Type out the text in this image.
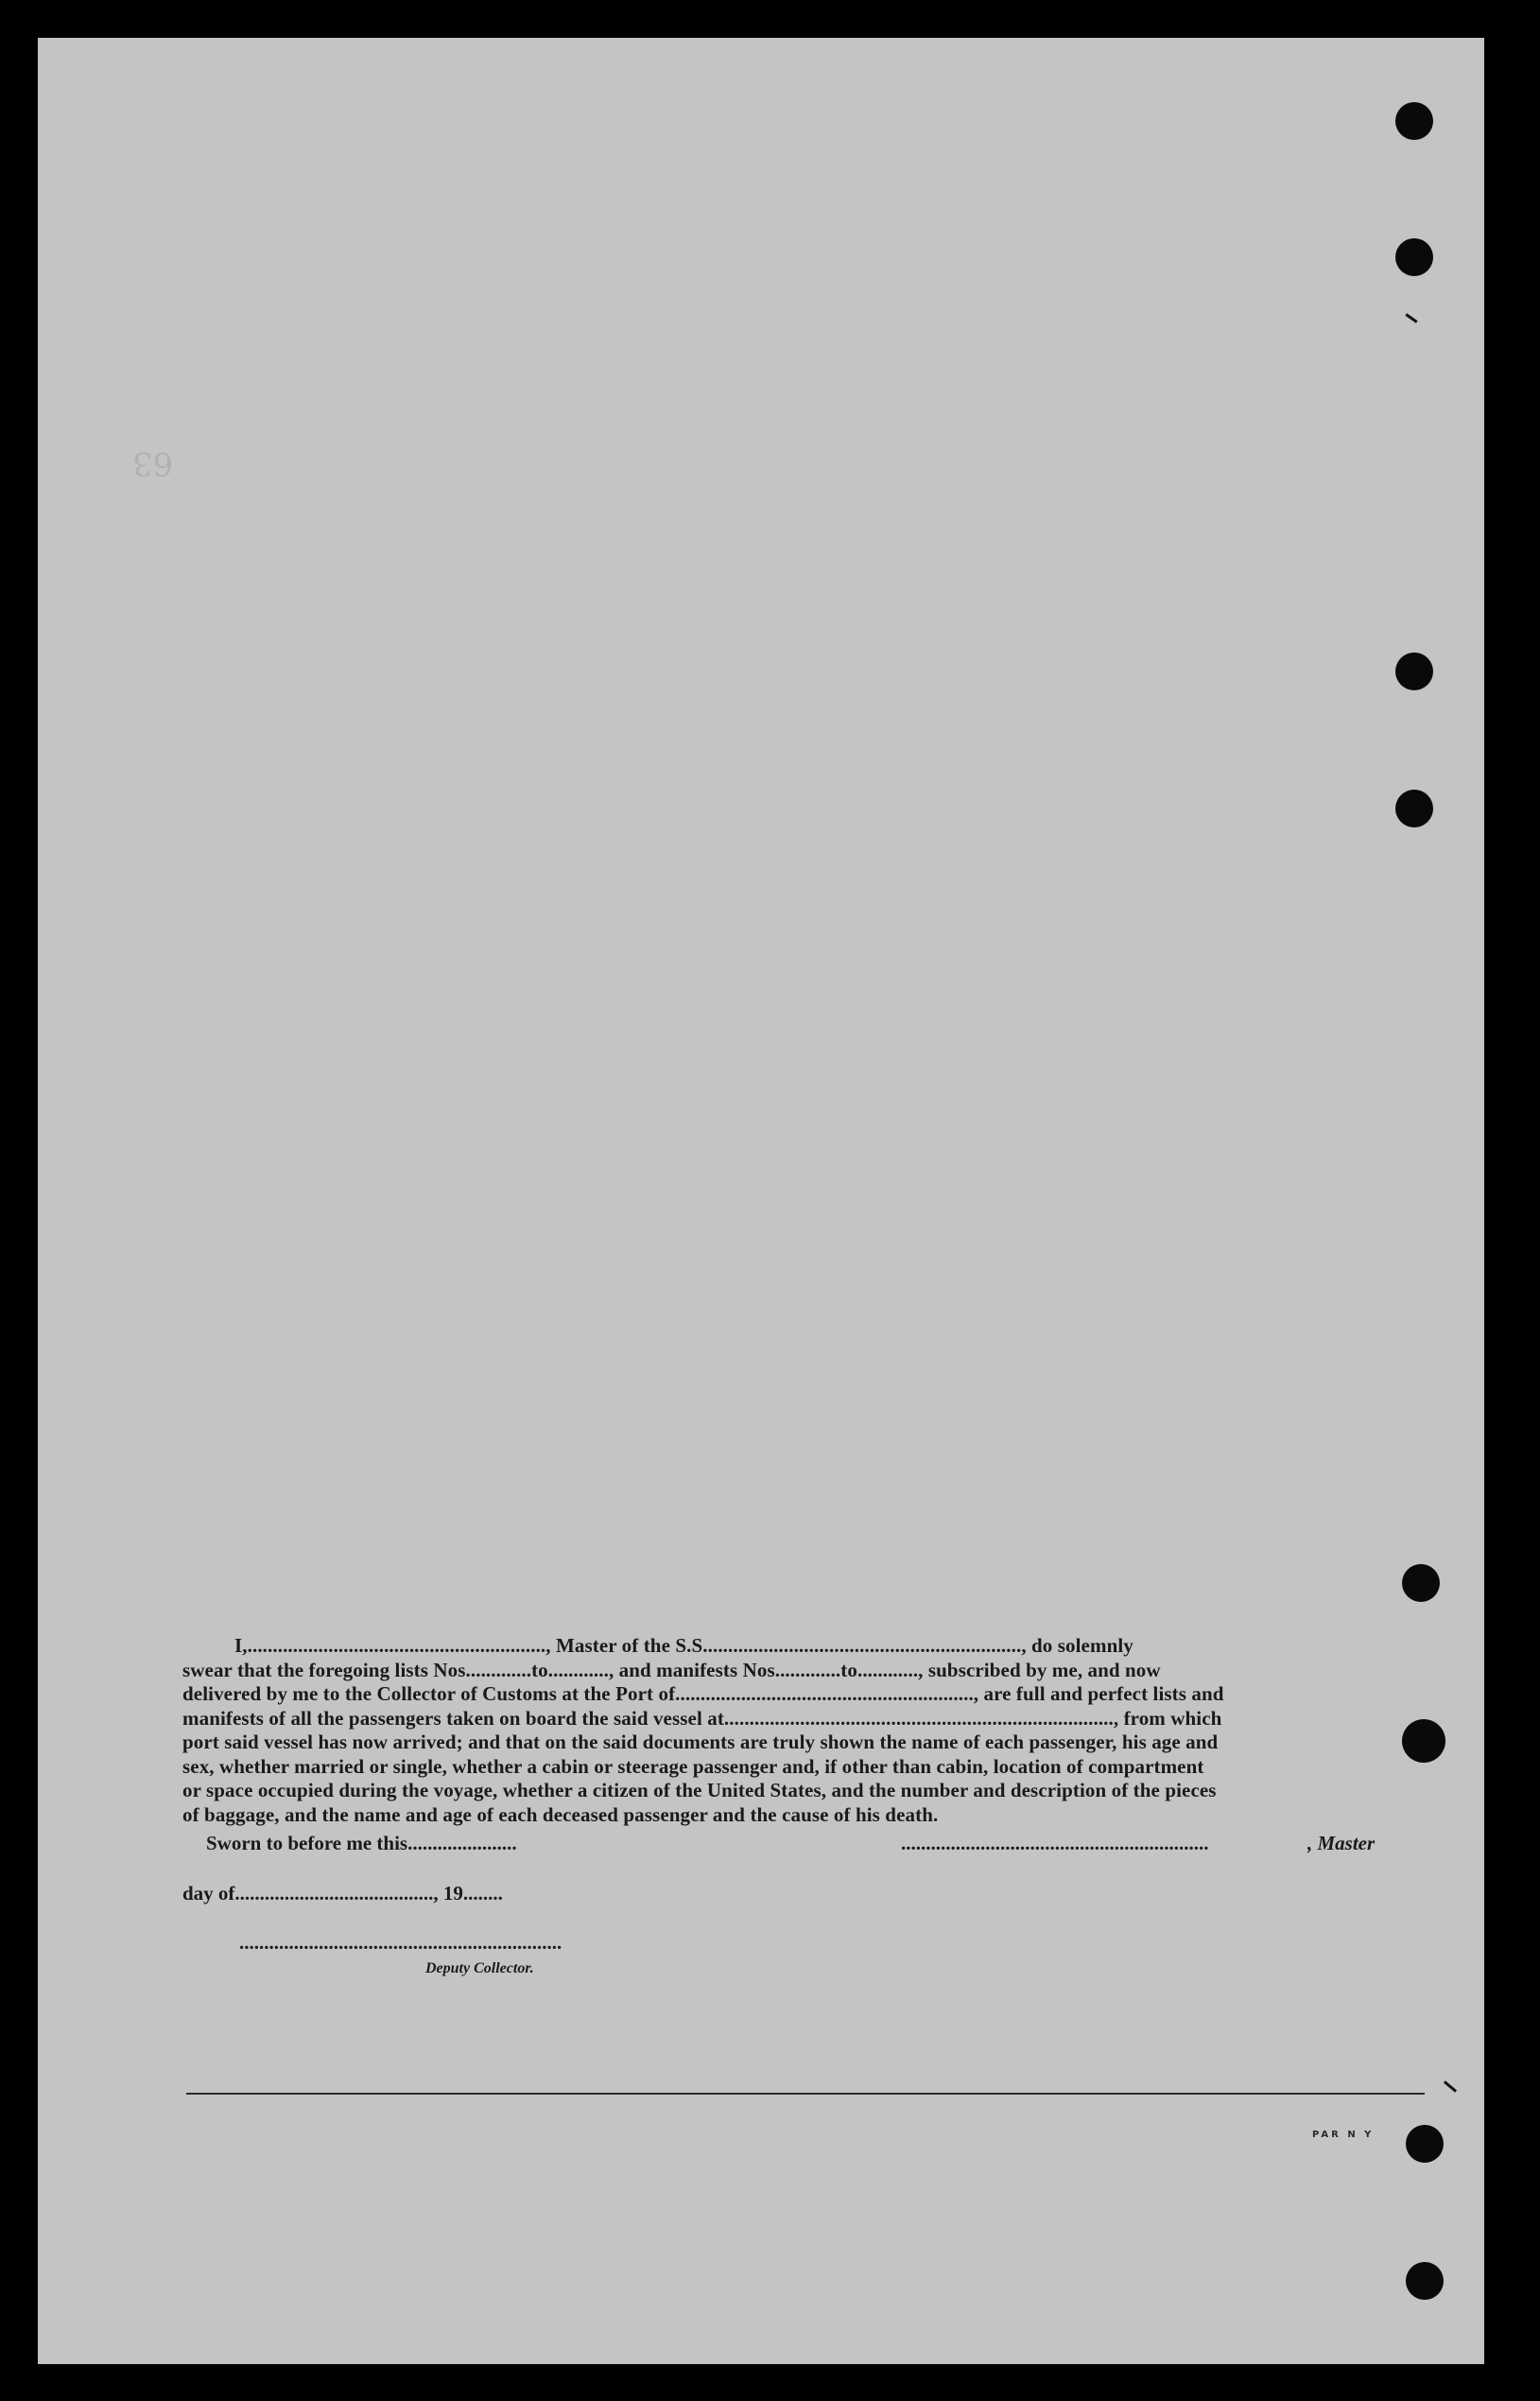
63

I,..........................................................., Master of the S.S..............................................................., do solemnly

swear that the foregoing lists Nos.............to............, and manifests Nos.............to............, subscribed by me, and now

delivered by me to the Collector of Customs at the Port of..........................................................., are full and perfect lists and

manifests of all the passengers taken on board the said vessel at............................................................................., from which

port said vessel has now arrived; and that on the said documents are truly shown the name of each passenger, his age and

sex, whether married or single, whether a cabin or steerage passenger and, if other than cabin, location of compartment

or space occupied during the voyage, whether a citizen of the United States, and the number and description of the pieces

of baggage, and the name and age of each deceased passenger and the cause of his death.

Sworn to before me this......................	..............................................................	, Master
day of........................................, 19........
.................................................................
Deputy Collector.
PAR N Y
